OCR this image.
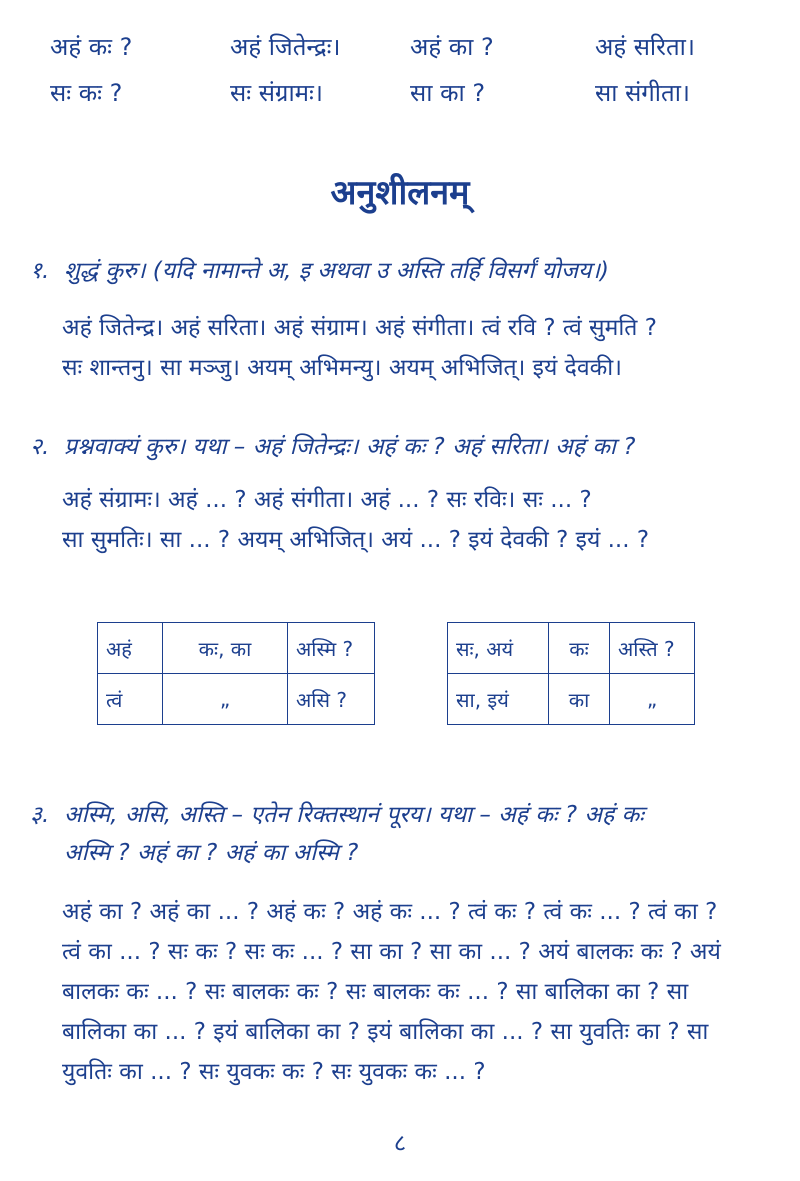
अहं कः ?	अहं जितेन्द्रः।	अहं का ?	अहं सरिता।
सः कः ?	सः संग्रामः।	सा का ?	सा संगीता।
अनुशीलनम्
१. शुद्धं कुरु। (यदि नामान्ते अ, इ अथवा उ अस्ति तर्हि विसर्गं योजय।)
अहं जितेन्द्र। अहं सरिता। अहं संग्राम। अहं संगीता। त्वं रवि ? त्वं सुमति ?
सः शान्तनु। सा मञ्जु। अयम् अभिमन्यु। अयम् अभिजित्। इयं देवकी।
२. प्रश्नवाक्यं कुरु। यथा – अहं जितेन्द्रः। अहं कः ? अहं सरिता। अहं का ?
अहं संग्रामः। अहं ... ? अहं संगीता। अहं ... ? सः रविः। सः ... ?
सा सुमतिः। सा ... ? अयम् अभिजित्। अयं ... ? इयं देवकी ? इयं ... ?
अहं	कः, का	अस्मि ?
त्वं	„	असि ?
सः, अयं	कः	अस्ति ?
सा, इयं	का	„
३. अस्मि, असि, अस्ति – एतेन रिक्तस्थानं पूरय। यथा – अहं कः ? अहं कः
अस्मि ? अहं का ? अहं का अस्मि ?
अहं का ? अहं का ... ? अहं कः ? अहं कः ... ? त्वं कः ? त्वं कः ... ? त्वं का ?
त्वं का ... ? सः कः ? सः कः ... ? सा का ? सा का ... ? अयं बालकः कः ? अयं
बालकः कः ... ? सः बालकः कः ? सः बालकः कः ... ? सा बालिका का ? सा
बालिका का ... ? इयं बालिका का ? इयं बालिका का ... ? सा युवतिः का ? सा
युवतिः का ... ? सः युवकः कः ? सः युवकः कः ... ?
८
